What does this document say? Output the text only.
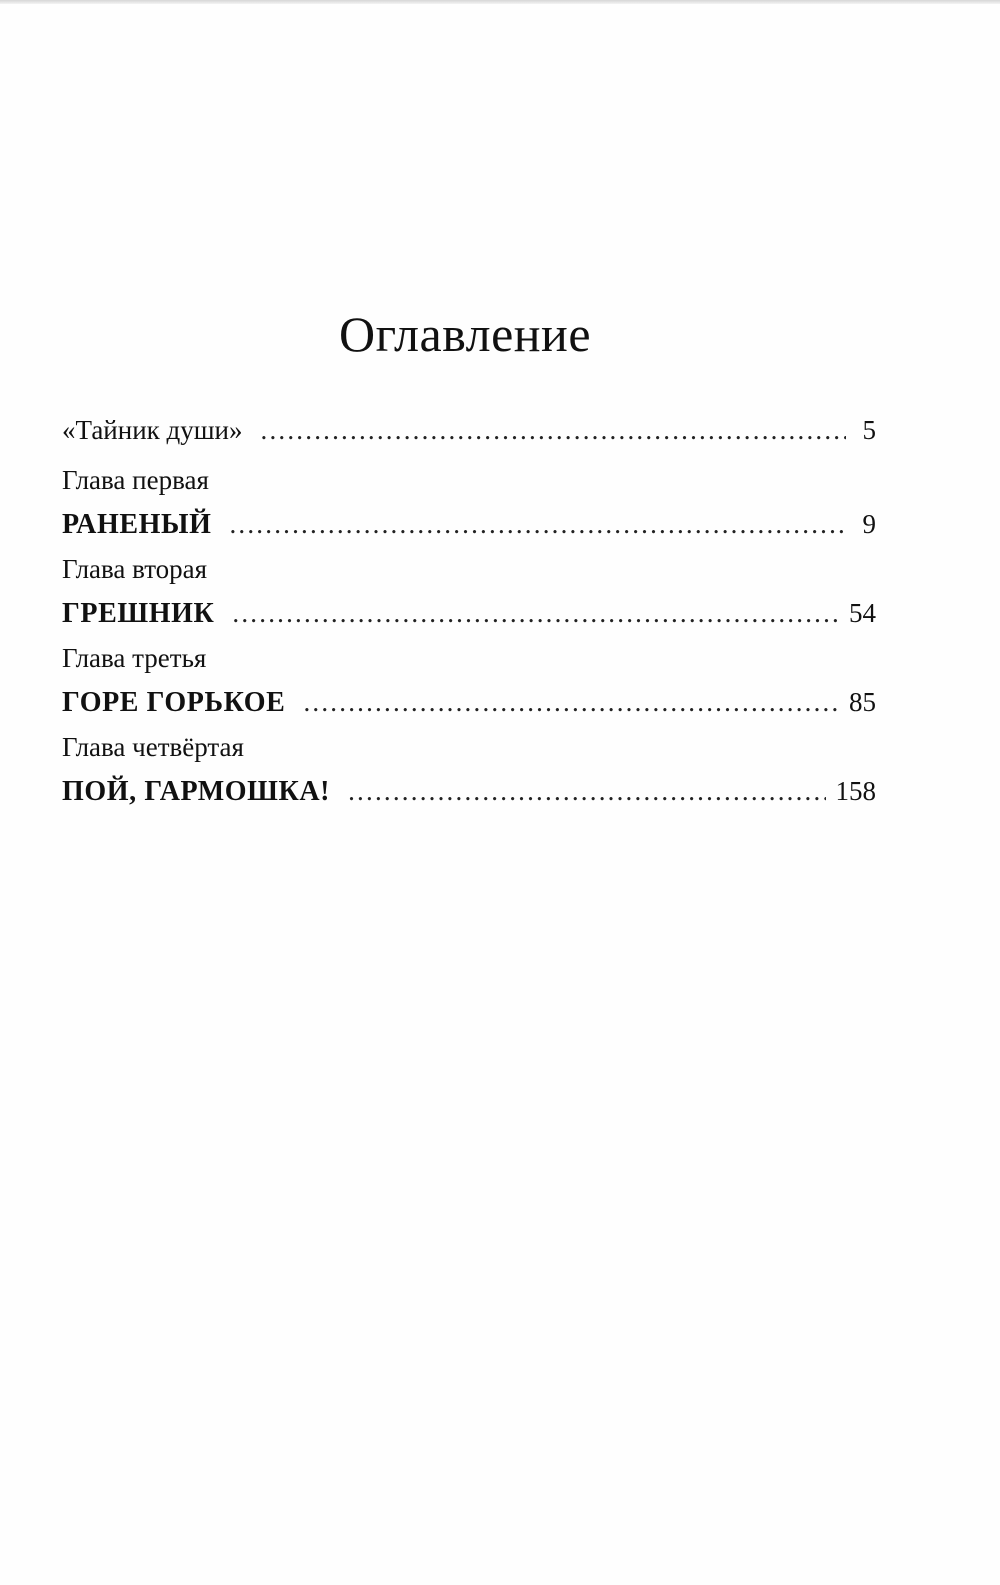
Оглавление
«Тайник души» .....	5
Глава первая
РАНЕНЫЙ .....	9
Глава вторая
ГРЕШНИК .....	54
Глава третья
ГОРЕ ГОРЬКОЕ .....	85
Глава четвёртая
ПОЙ, ГАРМОШКА! .....	158
